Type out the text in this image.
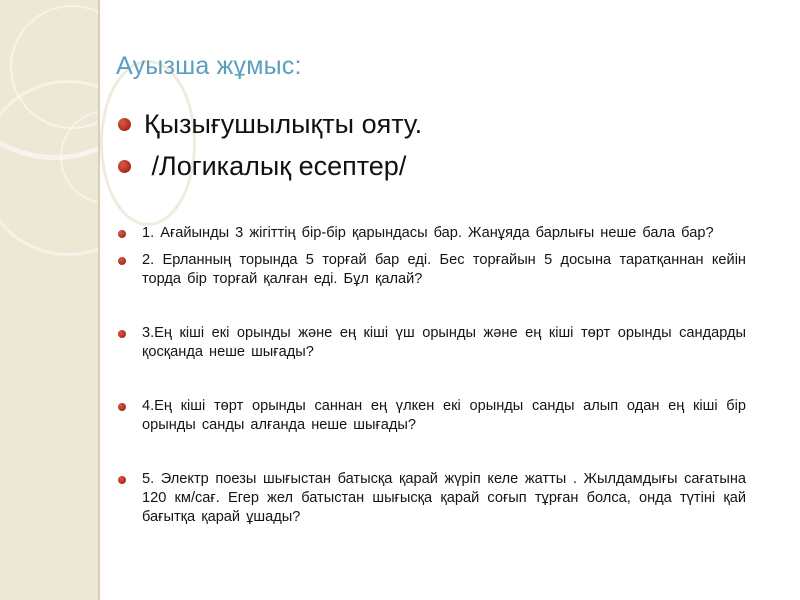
Ауызша жұмыс:
Қызығушылықты ояту.
/Логикалық есептер/
1. Ағайынды 3 жігіттің бір-бір қарындасы бар. Жанұяда барлығы неше бала бар?
2. Ерланның торында 5 торғай бар еді. Бес торғайын 5 досына таратқаннан кейін торда бір торғай қалған еді. Бұл қалай?
3.Ең кіші екі орынды және ең кіші үш орынды және ең кіші төрт орынды сандарды қосқанда неше шығады?
4.Ең кіші төрт орынды саннан ең үлкен екі орынды санды алып одан ең кіші бір орынды санды алғанда неше шығады?
5. Электр поезы шығыстан батысқа қарай жүріп келе жатты . Жылдамдығы сағатына 120 км/сағ. Егер жел батыстан шығысқа қарай соғып тұрған болса, онда түтіні қай бағытқа қарай ұшады?
